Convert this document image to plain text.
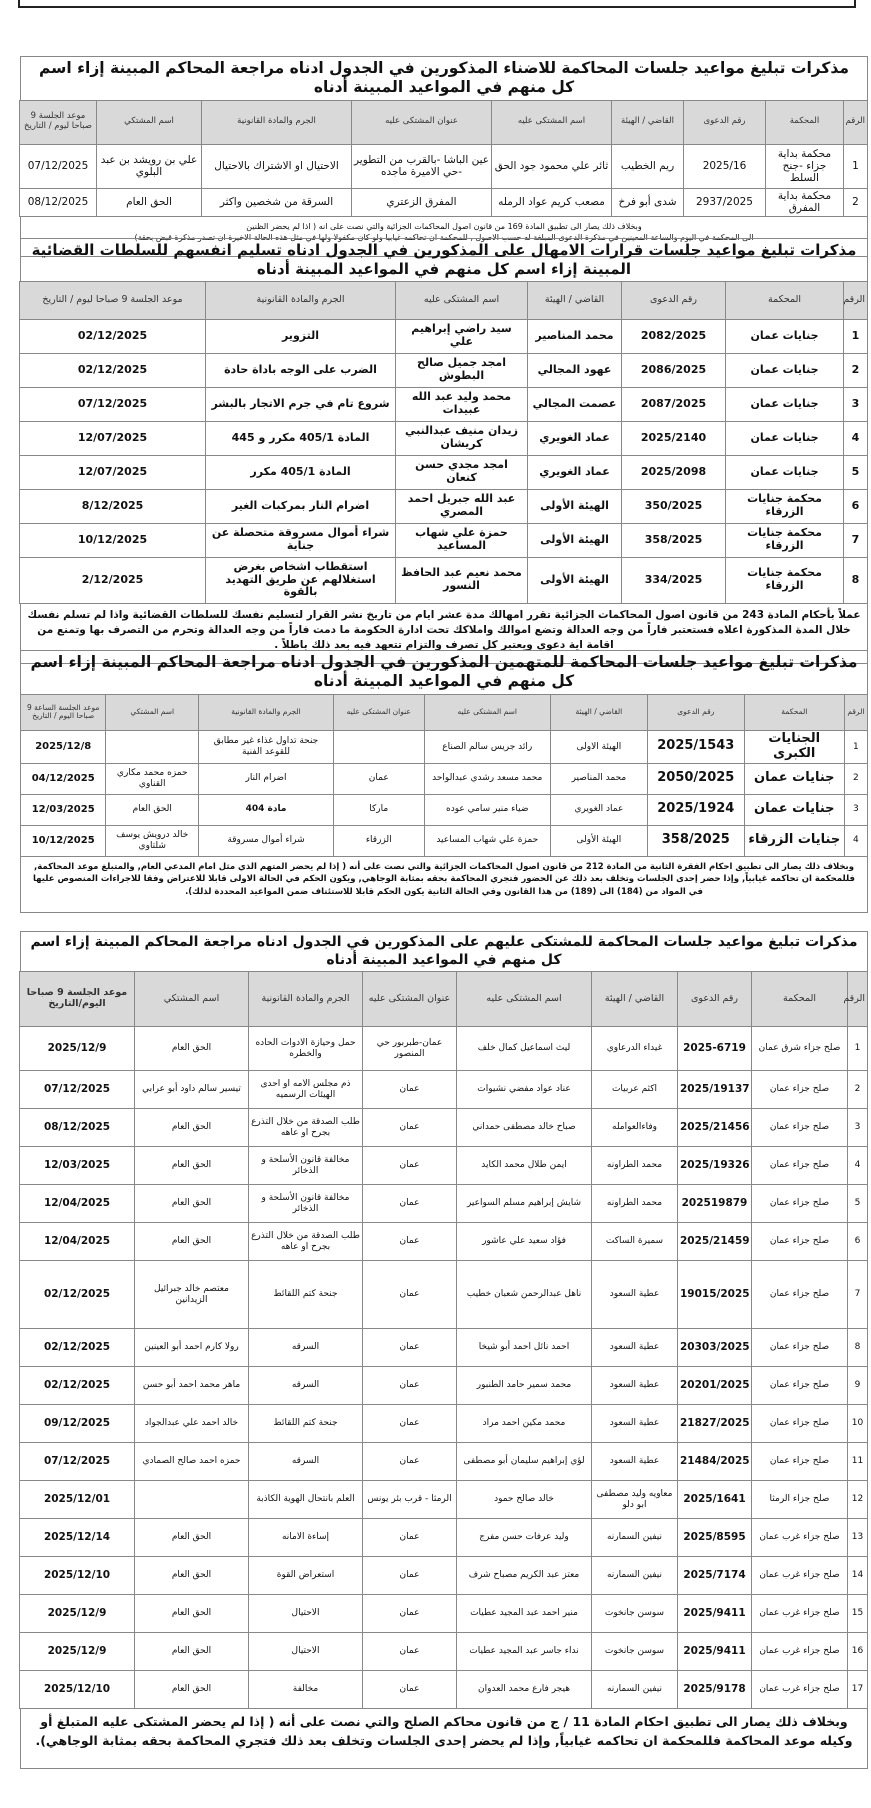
مذكرات تبليغ مواعيد جلسات المحاكمة للاضناء المذكورين في الجدول ادناه مراجعة المحاكم المبينة إزاء اسم كل منهم في المواعيد المبينة أدناه
الرقم	المحكمة	رقم الدعوى	القاضي / الهيئة	اسم المشتكى عليه	عنوان المشتكى عليه	الجرم والمادة القانونية	اسم المشتكي	موعد الجلسة 9 صباحا ليوم / التاريخ
1	محكمة بداية جزاء -جنح السلط	2025/16	ريم الخطيب	ثائر علي محمود جود الحق	عين الباشا -بالقرب من التطوير -حي الاميرة ماجده	الاحتيال او الاشتراك بالاحتيال	علي بن رويشد بن عبد البلوي	07/12/2025
2	محكمة بداية المفرق	2937/2025	شدى أبو فرخ	مصعب كريم عواد الرمله	المفرق الزعتري	السرقة من شخصين واكثر	الحق العام	08/12/2025
وبخلاف ذلك يصار الى تطبيق المادة 169 من قانون اصول المحاكمات الجزائية والتي نصت على انه ( اذا لم يحضر الظنين
الى المحكمة في اليوم والساعة المعينين في مذكرة الدعوى المبلغة له حسب الاصول , للمحكمة ان تحاكمه غيابيا ولو كان مكفولا ولها في مثل هذه الحالة الاخيرة ان تصدر مذكرة قبض بحقة)
مذكرات تبليغ مواعيد جلسات قرارات الامهال على المذكورين في الجدول ادناه تسليم انفسهم للسلطات القضائية المبينة إزاء اسم كل منهم في المواعيد المبينة أدناه
الرقم	المحكمة	رقم الدعوى	القاضي / الهيئة	اسم المشتكى عليه	الجرم والمادة القانونية	موعد الجلسة 9 صباحا ليوم / التاريخ
1	جنايات عمان	2082/2025	محمد المناصير	سيد راضي إبراهيم علي	التزوير	02/12/2025
2	جنايات عمان	2086/2025	عهود المجالي	امجد جميل صالح البطوش	الضرب على الوجه باداة حادة	02/12/2025
3	جنايات عمان	2087/2025	عصمت المجالي	محمد وليد عبد الله عبيدات	شروع تام في جرم الاتجار بالبشر	07/12/2025
4	جنايات عمان	2025/2140	عماد الغويري	زيدان منيف عبدالنبي كريشان	المادة 405/1 مكرر و 445	12/07/2025
5	جنايات عمان	2025/2098	عماد الغويري	امجد مجدي حسن كنعان	المادة 405/1 مكرر	12/07/2025
6	محكمة جنايات الزرقاء	350/2025	الهيئة الأولى	عبد الله جبريل احمد المصري	اضرام النار بمركبات الغير	8/12/2025
7	محكمة جنايات الزرقاء	358/2025	الهيئة الأولى	حمزة علي شهاب المساعيد	شراء أموال مسروقة متحصلة عن جناية	10/12/2025
8	محكمة جنايات الزرقاء	334/2025	الهيئة الأولى	محمد نعيم عبد الحافظ النسور	استقطاب اشخاص بغرض استغلالهم عن طريق التهديد بالقوة	2/12/2025
عملاً بأحكام المادة 243 من قانون اصول المحاكمات الجزائية تقرر امهالك مدة عشر ايام من تاريخ نشر القرار لتسليم نفسك للسلطات القضائية واذا لم تسلم نفسك خلال المدة المذكورة اعلاه فستعتبر فاراً من وجه العدالة وتضع اموالك واملاكك تحت ادارة الحكومة ما دمت فاراً من وجه العدالة وتحرم من التصرف بها وتمنع من اقامة اية دعوى ويعتبر كل تصرف والتزام تتعهد فيه بعد ذلك باطلاً .
مذكرات تبليغ مواعيد جلسات المحاكمة للمتهمين المذكورين في الجدول ادناه مراجعة المحاكم المبينة إزاء اسم كل منهم في المواعيد المبينة أدناه
الرقم	المحكمة	رقم الدعوى	القاضي / الهيئة	اسم المشتكى عليه	عنوان المشتكى عليه	الجرم والمادة القانونية	اسم المشتكي	موعد الجلسة الساعة 9 صباحا اليوم / التاريخ
1	الجنايات الكبرى	2025/1543	الهيئة الاولى	رائد جريس سالم الصناع		جنحة تداول غذاء غير مطابق للقوعد الفنية		2025/12/8
2	جنايات عمان	2050/2025	محمد المناصير	محمد مسعد رشدي عبدالواحد	عمان	اضرام النار	حمزه محمد مكاري القناوي	04/12/2025
3	جنايات عمان	2025/1924	عماد الغويري	ضياء منير سامي عوده	ماركا	مادة 404	الحق العام	12/03/2025
4	جنايات الزرقاء	358/2025	الهيئة الأولى	حمزة علي شهاب المساعيد	الزرقاء	شراء أموال مسروقة	خالد درويش يوسف شلتاوي	10/12/2025
وبخلاف ذلك يصار الى تطبيق احكام الفقرة الثانية من المادة 212 من قانون اصول المحاكمات الجزائية والتي نصت على أنه ( إذا لم يحضر المتهم الذي مثل امام المدعي العام, والمتبلغ موعد المحاكمة, فللمحكمة ان تحاكمه غيابياً, وإذا حضر إحدى الجلسات وتخلف بعد ذلك عن الحضور فتجري المحاكمة بحقه بمثابة الوجاهي, ويكون الحكم في الحالة الاولى قابلا للاعتراض وفقا للاجراءات المنصوص عليها في المواد من (184) الى (189) من هذا القانون وفي الحالة الثانية يكون الحكم قابلا للاستئناف ضمن المواعيد المحددة لذلك).
مذكرات تبليغ مواعيد جلسات المحاكمة للمشتكى عليهم على المذكورين في الجدول ادناه مراجعة المحاكم المبينة إزاء اسم كل منهم في المواعيد المبينة أدناه
الرقم	المحكمة	رقم الدعوى	القاضي / الهيئة	اسم المشتكى عليه	عنوان المشتكى عليه	الجرم والمادة القانونية	اسم المشتكي	موعد الجلسة 9 صباحا اليوم/التاريخ
1	صلح جزاء شرق عمان	2025-6719	غيداء الدرعاوي	ليث اسماعيل كمال خلف	عمان-طبربور حي المنصور	حمل وحيازة الادوات الحاده والخطره	الحق العام	2025/12/9
2	صلح جزاء عمان	2025/19137	اكثم عربيات	عناد عواد مفضي نشيوات	عمان	ذم مجلس الامه او احدى الهيئات الرسميه	تيسير سالم داود أبو عرابي	07/12/2025
3	صلح جزاء عمان	2025/21456	وفاءالعوامله	صباح خالد مصطفى حمداني	عمان	طلب الصدقة من خلال التذرع بجرح او عاهه	الحق العام	08/12/2025
4	صلح جزاء عمان	2025/19326	محمد الطراونه	ايمن طلال محمد الكايد	عمان	مخالفة قانون الأسلحة و الذخائر	الحق العام	12/03/2025
5	صلح جزاء عمان	202519879	محمد الطراونه	شايش إبراهيم مسلم السواعير	عمان	مخالفة قانون الأسلحة و الذخائر	الحق العام	12/04/2025
6	صلح جزاء عمان	2025/21459	سميرة الساكت	فؤاد سعيد علي عاشور	عمان	طلب الصدقة من خلال التذرع بجرح او عاهه	الحق العام	12/04/2025
7	صلح جزاء عمان	19015/2025	عطية السعود	ناهل عبدالرحمن شعبان خطيب	عمان	جنحة كتم اللقائط	معتصم خالد جبرائيل الزيدانين	02/12/2025
8	صلح جزاء عمان	20303/2025	عطية السعود	احمد نائل احمد أبو شيخا	عمان	السرقه	رولا كارم احمد أبو العينين	02/12/2025
9	صلح جزاء عمان	20201/2025	عطية السعود	محمد سمير حامد الطنبور	عمان	السرقه	ماهر محمد احمد أبو حسن	02/12/2025
10	صلح جزاء عمان	21827/2025	عطية السعود	محمد مكين احمد مراد	عمان	جنحة كتم اللقائط	خالد احمد علي عبدالجواد	09/12/2025
11	صلح جزاء عمان	21484/2025	عطية السعود	لؤي إبراهيم سليمان أبو مصطفى	عمان	السرقه	حمزه احمد صالح الصمادي	07/12/2025
12	صلح جزاء الرمثا	2025/1641	معاويه وليد مصطفى ابو دلو	خالد صالح حمود	الرمثا - قرب بئر يونس	العلم بانتحال الهوية الكاذبة		2025/12/01
13	صلح جزاء غرب عمان	2025/8595	نيفين السمارنه	وليد عرفات حسن مفرج	عمان	إساءة الامانه	الحق العام	2025/12/14
14	صلح جزاء غرب عمان	2025/7174	نيفين السمارنه	معتز عبد الكريم مصباح شرف	عمان	استعراض القوة	الحق العام	2025/12/10
15	صلح جزاء غرب عمان	2025/9411	سوسن جانخوت	منير احمد عبد المجيد عطيات	عمان	الاحتيال	الحق العام	2025/12/9
16	صلح جزاء غرب عمان	2025/9411	سوسن جانخوت	نداء جاسر عبد المجيد عطيات	عمان	الاحتيال	الحق العام	2025/12/9
17	صلح جزاء غرب عمان	2025/9178	نيفين السمارنه	هيجر فارع محمد العدوان	عمان	مخالفة	الحق العام	2025/12/10
وبخلاف ذلك يصار الى تطبيق احكام المادة 11 / ج من قانون محاكم الصلح والتي نصت على أنه ( إذا لم يحضر المشتكى عليه المتبلغ أو وكيله موعد المحاكمة فللمحكمة ان تحاكمه غيابياً, وإذا لم يحضر إحدى الجلسات وتخلف بعد ذلك فتجري المحاكمة بحقه بمثابة الوجاهي).
